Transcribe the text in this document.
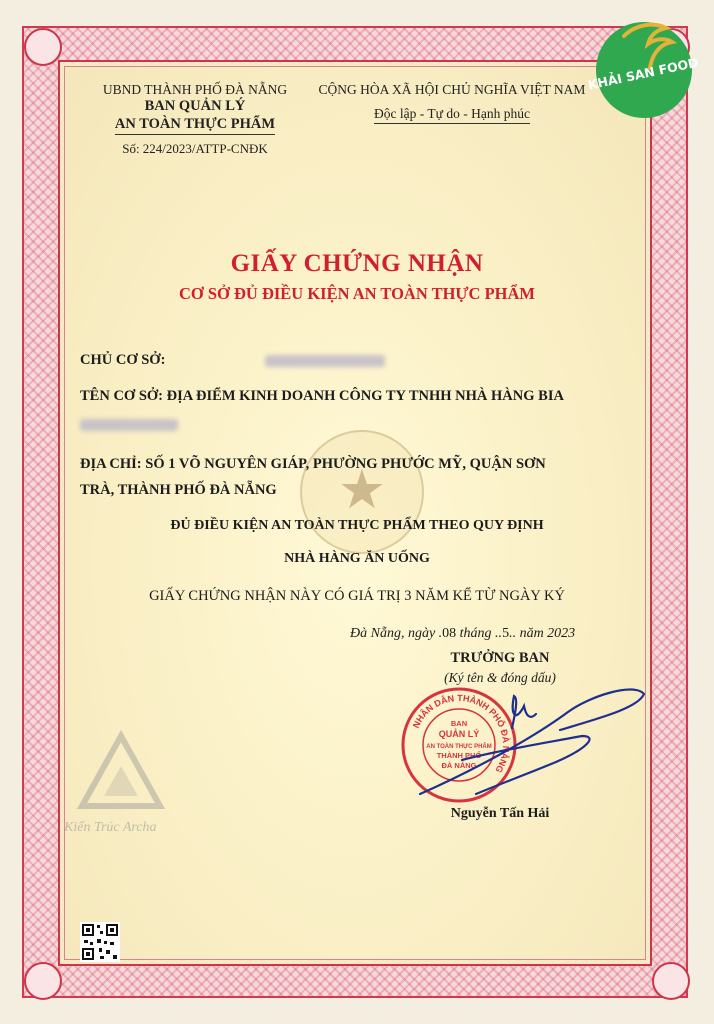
★
UBND THÀNH PHỐ ĐÀ NẴNG
BAN QUẢN LÝ
AN TOÀN THỰC PHẨM
Số: 224/2023/ATTP-CNĐK
CỘNG HÒA XÃ HỘI CHỦ NGHĨA VIỆT NAM
Độc lập - Tự do - Hạnh phúc
GIẤY CHỨNG NHẬN
CƠ SỞ ĐỦ ĐIỀU KIỆN AN TOÀN THỰC PHẨM
CHỦ CƠ SỞ:
TÊN CƠ SỞ: ĐỊA ĐIỂM KINH DOANH CÔNG TY TNHH NHÀ HÀNG BIA
ĐỊA CHỈ: SỐ 1 VÕ NGUYÊN GIÁP, PHƯỜNG PHƯỚC MỸ, QUẬN SƠN
TRÀ, THÀNH PHỐ ĐÀ NẴNG
ĐỦ ĐIỀU KIỆN AN TOÀN THỰC PHẨM THEO QUY ĐỊNH
NHÀ HÀNG ĂN UỐNG
GIẤY CHỨNG NHẬN NÀY CÓ GIÁ TRỊ 3 NĂM KỂ TỪ NGÀY KÝ
Đà Nẵng, ngày .08 tháng ..5.. năm 2023
TRƯỞNG BAN
(Ký tên & đóng dấu)
NHÂN DÂN THÀNH PHỐ ĐÀ NẴNG
BAN
QUẢN LÝ
AN TOÀN THỰC PHẨM
THÀNH PHỐ
ĐÀ NẴNG
Nguyễn Tấn Hải
Kiến Trúc Archa
KHẢI SAN FOOD
